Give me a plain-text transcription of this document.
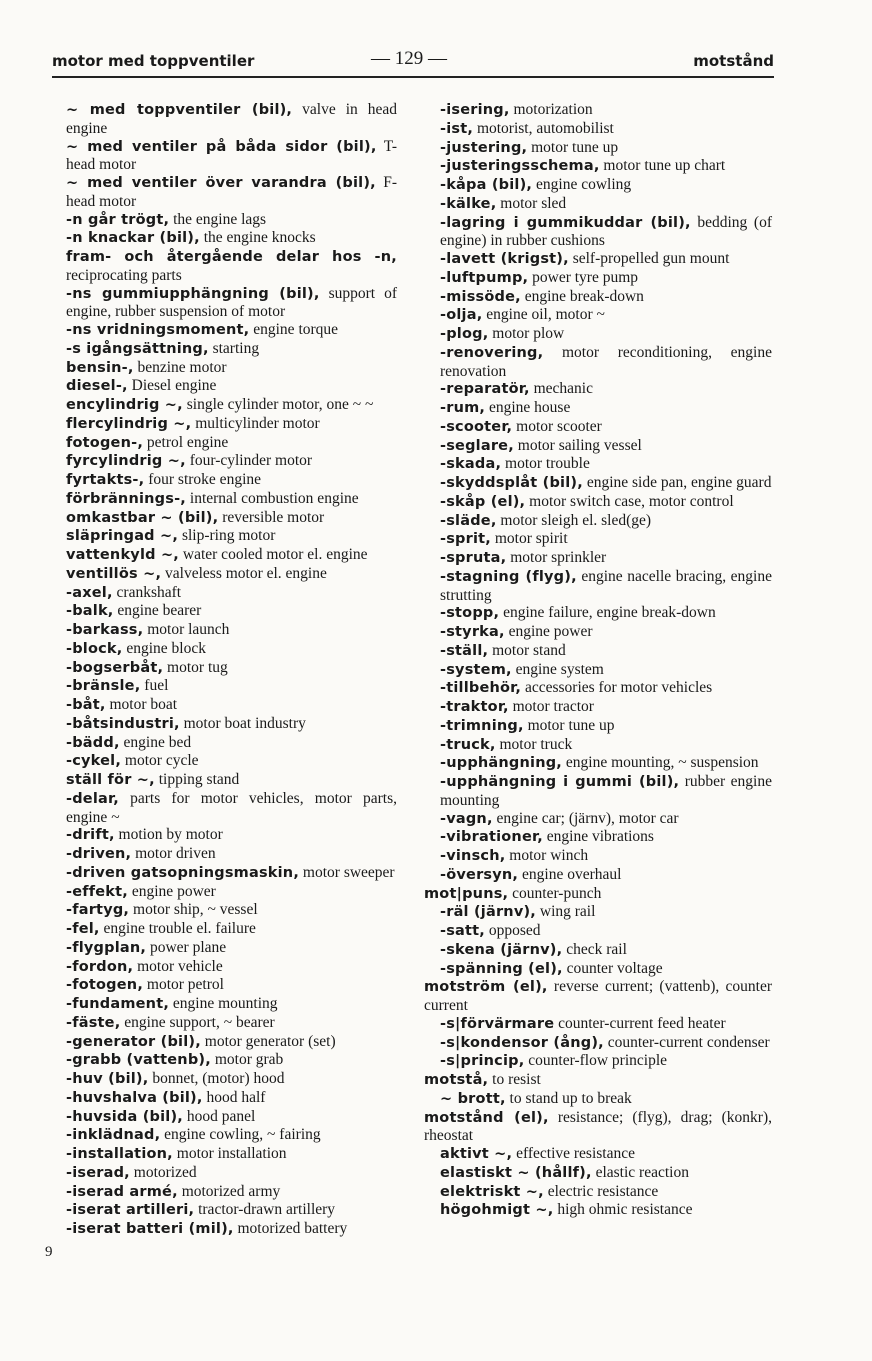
motor med toppventiler	— 129 —	motstånd

~ med toppventiler (bil), valve in head engine

~ med ventiler på båda sidor (bil), T-head motor

~ med ventiler över varandra (bil), F-head motor

-n går trögt, the engine lags

-n knackar (bil), the engine knocks

fram- och återgående delar hos -n, reciprocating parts

-ns gummiupphängning (bil), support of engine, rubber suspension of motor

-ns vridningsmoment, engine torque

-s igångsättning, starting

bensin-, benzine motor

diesel-, Diesel engine

encylindrig ~, single cylinder motor, one ~ ~

flercylindrig ~, multicylinder motor

fotogen-, petrol engine

fyrcylindrig ~, four-cylinder motor

fyrtakts-, four stroke engine

förbrännings-, internal combustion engine

omkastbar ~ (bil), reversible motor

släpringad ~, slip-ring motor

vattenkyld ~, water cooled motor el. engine

ventillös ~, valveless motor el. engine

-axel, crankshaft

-balk, engine bearer

-barkass, motor launch

-block, engine block

-bogserbåt, motor tug

-bränsle, fuel

-båt, motor boat

-båtsindustri, motor boat industry

-bädd, engine bed

-cykel, motor cycle

ställ för ~, tipping stand

-delar, parts for motor vehicles, motor parts, engine ~

-drift, motion by motor

-driven, motor driven

-driven gatsopningsmaskin, motor sweeper

-effekt, engine power

-fartyg, motor ship, ~ vessel

-fel, engine trouble el. failure

-flygplan, power plane

-fordon, motor vehicle

-fotogen, motor petrol

-fundament, engine mounting

-fäste, engine support, ~ bearer

-generator (bil), motor generator (set)

-grabb (vattenb), motor grab

-huv (bil), bonnet, (motor) hood

-huvshalva (bil), hood half

-huvsida (bil), hood panel

-inklädnad, engine cowling, ~ fairing

-installation, motor installation

-iserad, motorized

-iserad armé, motorized army

-iserat artilleri, tractor-drawn artillery

-iserat batteri (mil), motorized battery

-isering, motorization

-ist, motorist, automobilist

-justering, motor tune up

-justeringsschema, motor tune up chart

-kåpa (bil), engine cowling

-kälke, motor sled

-lagring i gummikuddar (bil), bedding (of engine) in rubber cushions

-lavett (krigst), self-propelled gun mount

-luftpump, power tyre pump

-missöde, engine break-down

-olja, engine oil, motor ~

-plog, motor plow

-renovering, motor reconditioning, engine renovation

-reparatör, mechanic

-rum, engine house

-scooter, motor scooter

-seglare, motor sailing vessel

-skada, motor trouble

-skyddsplåt (bil), engine side pan, engine guard

-skåp (el), motor switch case, motor control

-släde, motor sleigh el. sled(ge)

-sprit, motor spirit

-spruta, motor sprinkler

-stagning (flyg), engine nacelle bracing, engine strutting

-stopp, engine failure, engine break-down

-styrka, engine power

-ställ, motor stand

-system, engine system

-tillbehör, accessories for motor vehicles

-traktor, motor tractor

-trimning, motor tune up

-truck, motor truck

-upphängning, engine mounting, ~ suspension

-upphängning i gummi (bil), rubber engine mounting

-vagn, engine car; (järnv), motor car

-vibrationer, engine vibrations

-vinsch, motor winch

-översyn, engine overhaul

mot|puns, counter-punch

-räl (järnv), wing rail

-satt, opposed

-skena (järnv), check rail

-spänning (el), counter voltage

motström (el), reverse current; (vattenb), counter current

-s|förvärmare counter-current feed heater

-s|kondensor (ång), counter-current condenser

-s|princip, counter-flow principle

motstå, to resist

~ brott, to stand up to break

motstånd (el), resistance; (flyg), drag; (konkr), rheostat

aktivt ~, effective resistance

elastiskt ~ (hållf), elastic reaction

elektriskt ~, electric resistance

högohmigt ~, high ohmic resistance

9
